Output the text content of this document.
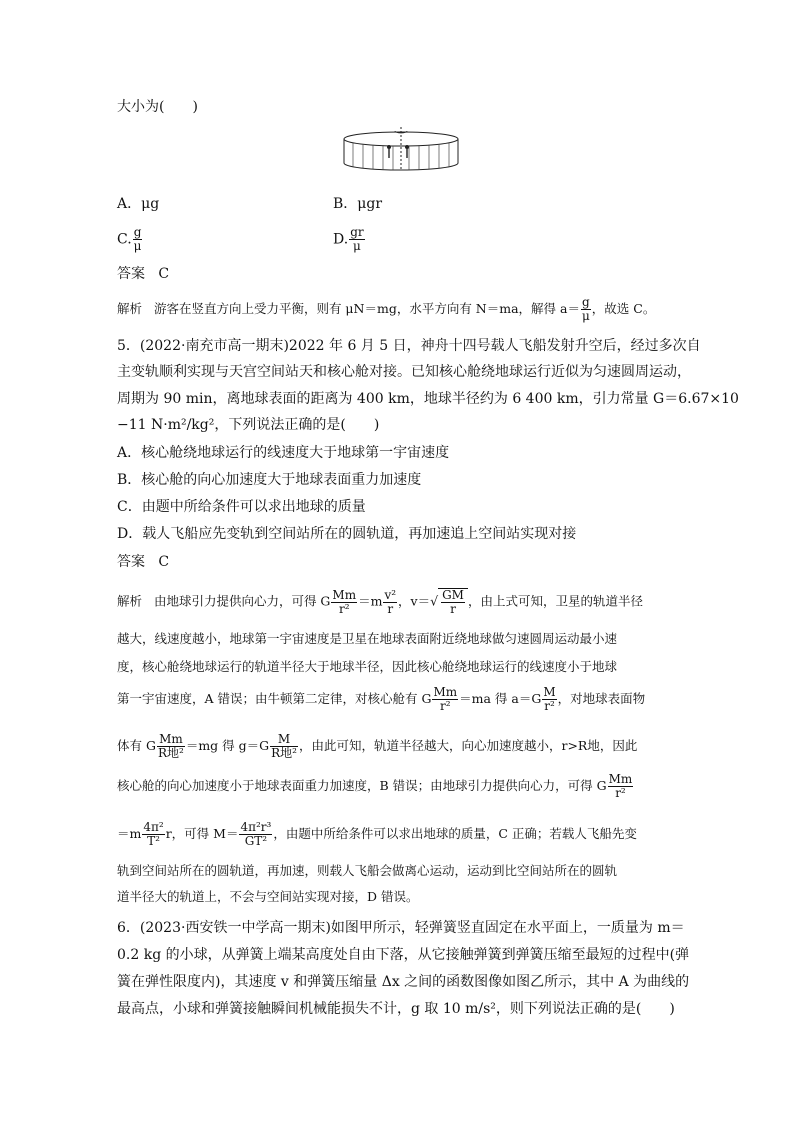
大小为(　　)
A．μg	B．μgr
C. $\frac{g}{\mu}$	D. $\frac{gr}{\mu}$
答案 C
解析 游客在竖直方向上受力平衡，则有 μN＝mg，水平方向有 N＝ma，解得 $a= \frac{g}{\mu}$ ，故选 C。
5．(2022·南充市高一期末)2022 年 6 月 5 日，神舟十四号载人飞船发射升空后，经过多次自
主变轨顺利实现与天宫空间站天和核心舱对接。已知核心舱绕地球运行近似为匀速圆周运动，
周期为 90 min，离地球表面的距离为 400 km，地球半径约为 6 400 km，引力常量 G＝6.67×10
−11 N·m²/kg²，下列说法正确的是(　　)
A．核心舱绕地球运行的线速度大于地球第一宇宙速度
B．核心舱的向心加速度大于地球表面重力加速度
C．由题中所给条件可以求出地球的质量
D．载人飞船应先变轨到空间站所在的圆轨道，再加速追上空间站实现对接
答案 C
解析 由地球引力提供向心力，可得 G $\frac{Mm}{\text{r²}} =m \frac{\text{v²}}{r}$ ，$v=√ \frac{GM}{r}$ ，由上式可知，卫星的轨道半径
越大，线速度越小，地球第一宇宙速度是卫星在地球表面附近绕地球做匀速圆周运动最小速
度，核心舱绕地球运行的轨道半径大于地球半径，因此核心舱绕地球运行的线速度小于地球
第一宇宙速度，A 错误；由牛顿第二定律，对核心舱有 G $\frac{Mm}{\text{r²}} =ma$ 得 $a=G \frac{M}{\text{r²}}$ ，对地球表面物
体有 G $\frac{Mm}{\text{R地²}} =mg$ 得 $g=G \frac{M}{\text{R地²}}$ ，由此可知，轨道半径越大，向心加速度越小，r>R地，因此
核心舱的向心加速度小于地球表面重力加速度，B 错误；由地球引力提供向心力，可得 G $\frac{Mm}{\text{r²}}$
$=m \frac{\text{4π²}}{\text{T²}}$ r，可得 $M= \frac{\text{4π²r³}}{\text{GT²}}$ ，由题中所给条件可以求出地球的质量，C 正确；若载人飞船先变
轨到空间站所在的圆轨道，再加速，则载人飞船会做离心运动，运动到比空间站所在的圆轨
道半径大的轨道上，不会与空间站实现对接，D 错误。
6．(2023·西安铁一中学高一期末)如图甲所示，轻弹簧竖直固定在水平面上，一质量为 m＝
0.2 kg 的小球，从弹簧上端某高度处自由下落，从它接触弹簧到弹簧压缩至最短的过程中(弹
簧在弹性限度内)，其速度 v 和弹簧压缩量 Δx 之间的函数图像如图乙所示，其中 A 为曲线的
最高点，小球和弹簧接触瞬间机械能损失不计，g 取 10 m/s²，则下列说法正确的是(　　)
